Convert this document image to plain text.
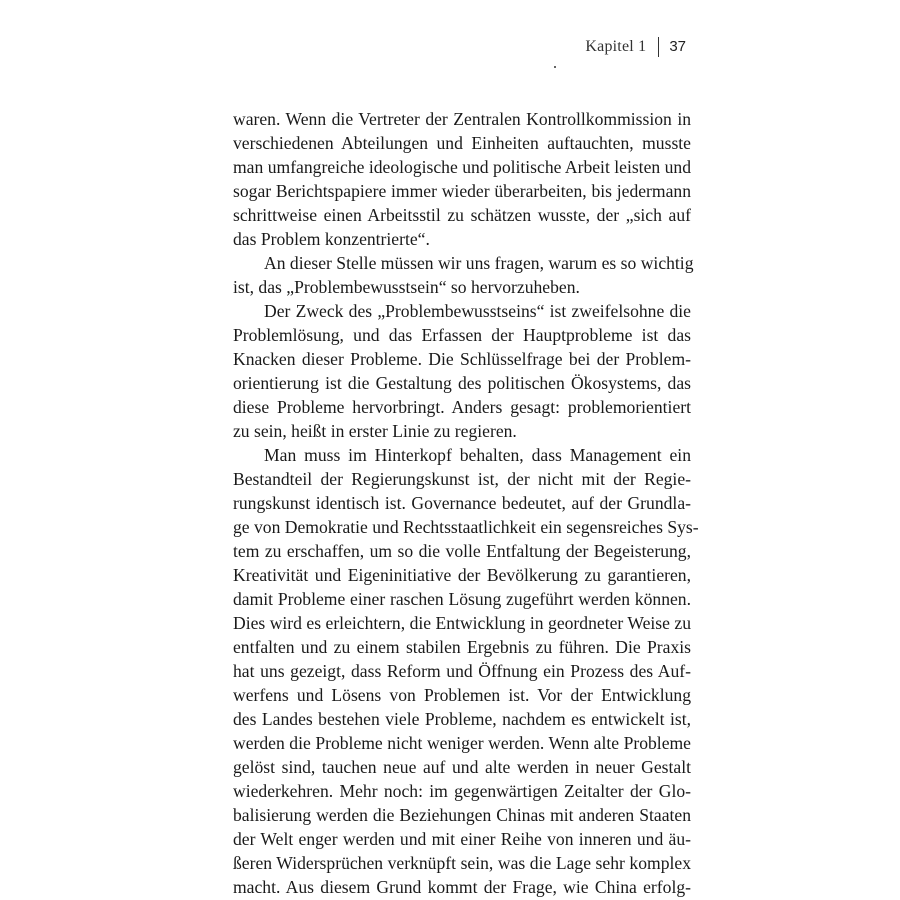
Kapitel 1 37

waren. Wenn die Vertreter der Zentralen Kontrollkommission in
verschiedenen Abteilungen und Einheiten auftauchten, musste
man umfangreiche ideologische und politische Arbeit leisten und
sogar Berichtspapiere immer wieder überarbeiten, bis jedermann
schrittweise einen Arbeitsstil zu schätzen wusste, der „sich auf
das Problem konzentrierte“.

An dieser Stelle müssen wir uns fragen, warum es so wichtig
ist, das „Problembewusstsein“ so hervorzuheben.

Der Zweck des „Problembewusstseins“ ist zweifelsohne die
Problemlösung, und das Erfassen der Hauptprobleme ist das
Knacken dieser Probleme. Die Schlüsselfrage bei der Problem-
orientierung ist die Gestaltung des politischen Ökosystems, das
diese Probleme hervorbringt. Anders gesagt: problemorientiert
zu sein, heißt in erster Linie zu regieren.

Man muss im Hinterkopf behalten, dass Management ein
Bestandteil der Regierungskunst ist, der nicht mit der Regie-
rungskunst identisch ist. Governance bedeutet, auf der Grundla-
ge von Demokratie und Rechtsstaatlichkeit ein segensreiches Sys-
tem zu erschaffen, um so die volle Entfaltung der Begeisterung,
Kreativität und Eigeninitiative der Bevölkerung zu garantieren,
damit Probleme einer raschen Lösung zugeführt werden können.
Dies wird es erleichtern, die Entwicklung in geordneter Weise zu
entfalten und zu einem stabilen Ergebnis zu führen. Die Praxis
hat uns gezeigt, dass Reform und Öffnung ein Prozess des Auf-
werfens und Lösens von Problemen ist. Vor der Entwicklung
des Landes bestehen viele Probleme, nachdem es entwickelt ist,
werden die Probleme nicht weniger werden. Wenn alte Probleme
gelöst sind, tauchen neue auf und alte werden in neuer Gestalt
wiederkehren. Mehr noch: im gegenwärtigen Zeitalter der Glo-
balisierung werden die Beziehungen Chinas mit anderen Staaten
der Welt enger werden und mit einer Reihe von inneren und äu-
ßeren Widersprüchen verknüpft sein, was die Lage sehr komplex
macht. Aus diesem Grund kommt der Frage, wie China erfolg-
